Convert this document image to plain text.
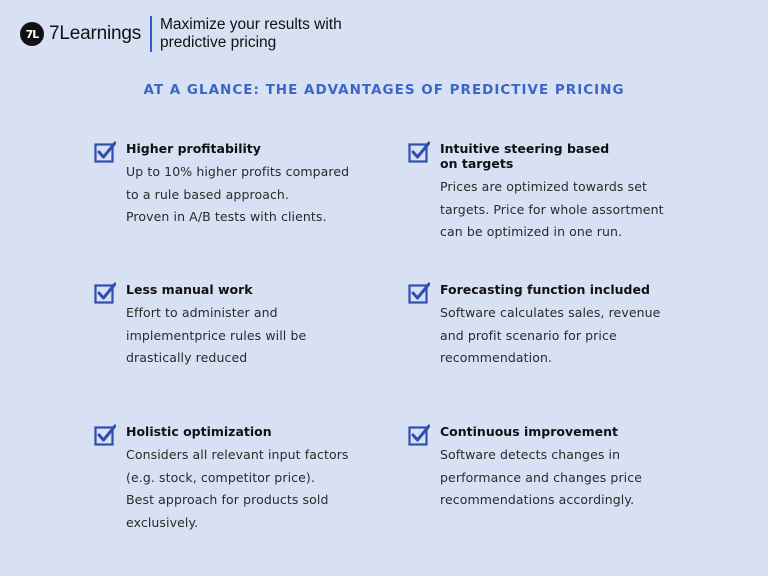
7L 7Learnings Maximize your results with
predictive pricing
AT A GLANCE: THE ADVANTAGES OF PREDICTIVE PRICING
Higher profitability
Up to 10% higher profits compared
to a rule based approach.
Proven in A/B tests with clients.
Less manual work
Effort to administer and
implementprice rules will be
drastically reduced
Holistic optimization
Considers all relevant input factors
(e.g. stock, competitor price).
Best approach for products sold
exclusively.
Intuitive steering based
on targets
Prices are optimized towards set
targets. Price for whole assortment
can be optimized in one run.
Forecasting function included
Software calculates sales, revenue
and profit scenario for price
recommendation.
Continuous improvement
Software detects changes in
performance and changes price
recommendations accordingly.
